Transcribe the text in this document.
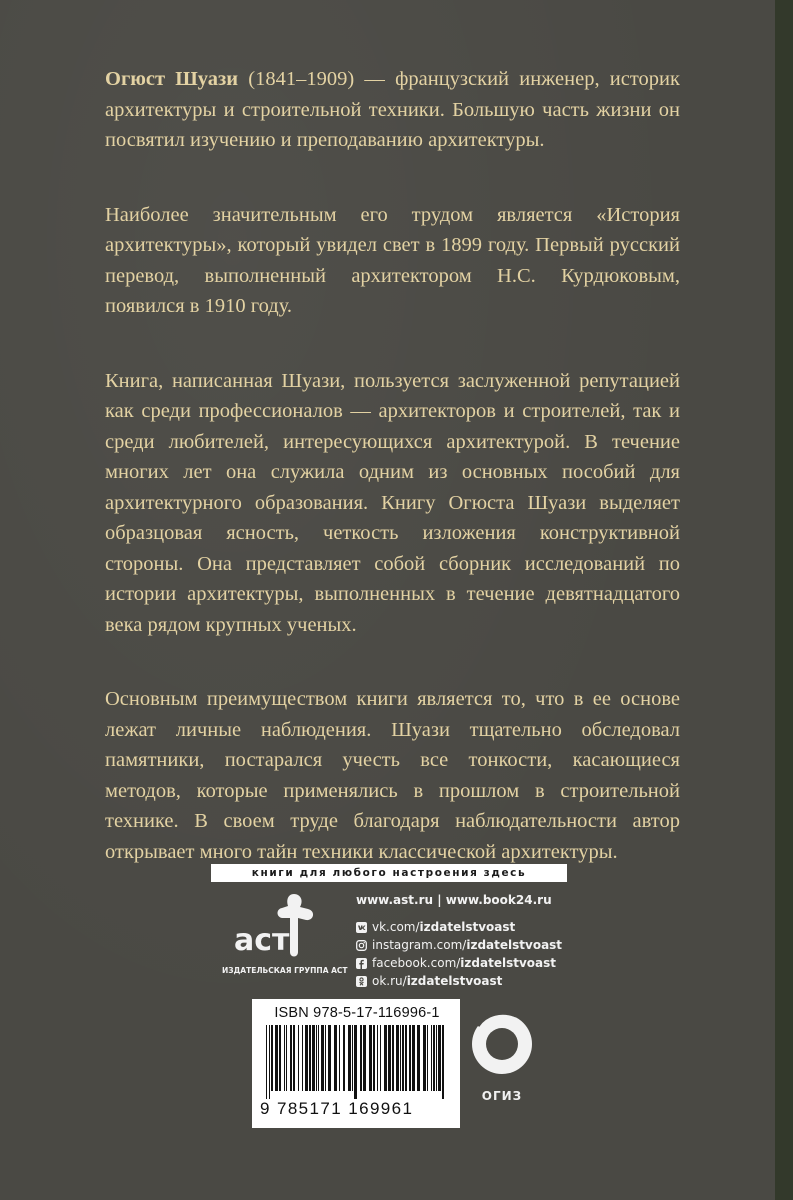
Огюст Шуази (1841–1909) — французский инженер, историк архитектуры и строительной техники. Большую часть жизни он посвятил изучению и преподаванию архитектуры.

Наиболее значительным его трудом является «История архитектуры», который увидел свет в 1899 году. Первый русский перевод, выполненный архитектором Н.С. Курдюковым, появился в 1910 году.

Книга, написанная Шуази, пользуется заслуженной репутацией как среди профессионалов — архитекторов и строителей, так и среди любителей, интересующихся архитектурой. В течение многих лет она служила одним из основных пособий для архитектурного образования. Книгу Огюста Шуази выделяет образцовая ясность, четкость изложения конструктивной стороны. Она представляет собой сборник исследований по истории архитектуры, выполненных в течение девятнадцатого века рядом крупных ученых.

Основным преимуществом книги является то, что в ее основе лежат личные наблюдения. Шуази тщательно обследовал памятники, постарался учесть все тонкости, касающиеся методов, которые применялись в прошлом в строительной технике. В своем труде благодаря наблюдательности автор открывает много тайн техники классической архитектуры.

книги для любого настроения здесь
аст
ИЗДАТЕЛЬСКАЯ ГРУППА АСТ
www.ast.ru | www.book24.ru
vk.com/ izdatelstvoast
instagram.com/ izdatelstvoast
facebook.com/ izdatelstvoast
ok.ru/ izdatelstvoast
ISBN 978-5-17-116996-1
9 785171 169961
ОГИЗ
